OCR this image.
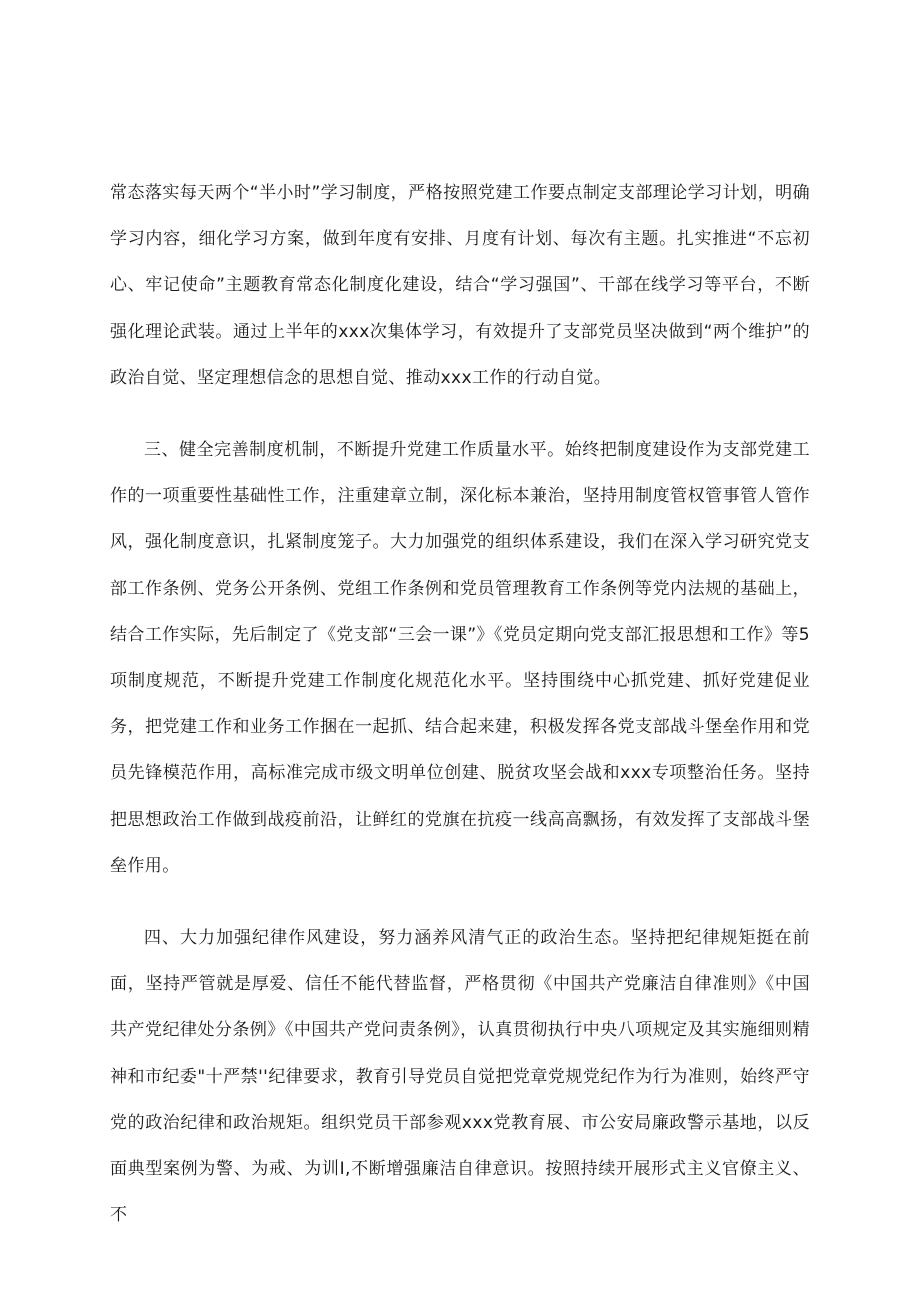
常态落实每天两个“半小时”学习制度，严格按照党建工作要点制定支部理论学习计划，明确学习内容，细化学习方案，做到年度有安排、月度有计划、每次有主题。扎实推进“不忘初心、牢记使命”主题教育常态化制度化建设，结合“学习强国”、干部在线学习等平台，不断强化理论武装。通过上半年的xxx次集体学习，有效提升了支部党员坚决做到“两个维护”的政治自觉、坚定理想信念的思想自觉、推动xxx工作的行动自觉。

三、健全完善制度机制，不断提升党建工作质量水平。始终把制度建设作为支部党建工作的一项重要性基础性工作，注重建章立制，深化标本兼治，坚持用制度管权管事管人管作风，强化制度意识，扎紧制度笼子。大力加强党的组织体系建设，我们在深入学习研究党支部工作条例、党务公开条例、党组工作条例和党员管理教育工作条例等党内法规的基础上，结合工作实际，先后制定了《党支部“三会一课”》《党员定期向党支部汇报思想和工作》等5项制度规范，不断提升党建工作制度化规范化水平。坚持围绕中心抓党建、抓好党建促业务，把党建工作和业务工作捆在一起抓、结合起来建，积极发挥各党支部战斗堡垒作用和党员先锋模范作用，高标准完成市级文明单位创建、脱贫攻坚会战和xxx专项整治任务。坚持把思想政治工作做到战疫前沿，让鲜红的党旗在抗疫一线高高飘扬，有效发挥了支部战斗堡垒作用。

四、大力加强纪律作风建设，努力涵养风清气正的政治生态。坚持把纪律规矩挺在前面，坚持严管就是厚爱、信任不能代替监督，严格贯彻《中国共产党廉洁自律准则》《中国共产党纪律处分条例》《中国共产党问责条例》，认真贯彻执行中央八项规定及其实施细则精神和市纪委"十严禁''纪律要求，教育引导党员自觉把党章党规党纪作为行为准则，始终严守党的政治纪律和政治规矩。组织党员干部参观xxx党教育展、市公安局廉政警示基地，以反面典型案例为警、为戒、为训I,不断增强廉洁自律意识。按照持续开展形式主义官僚主义、不
